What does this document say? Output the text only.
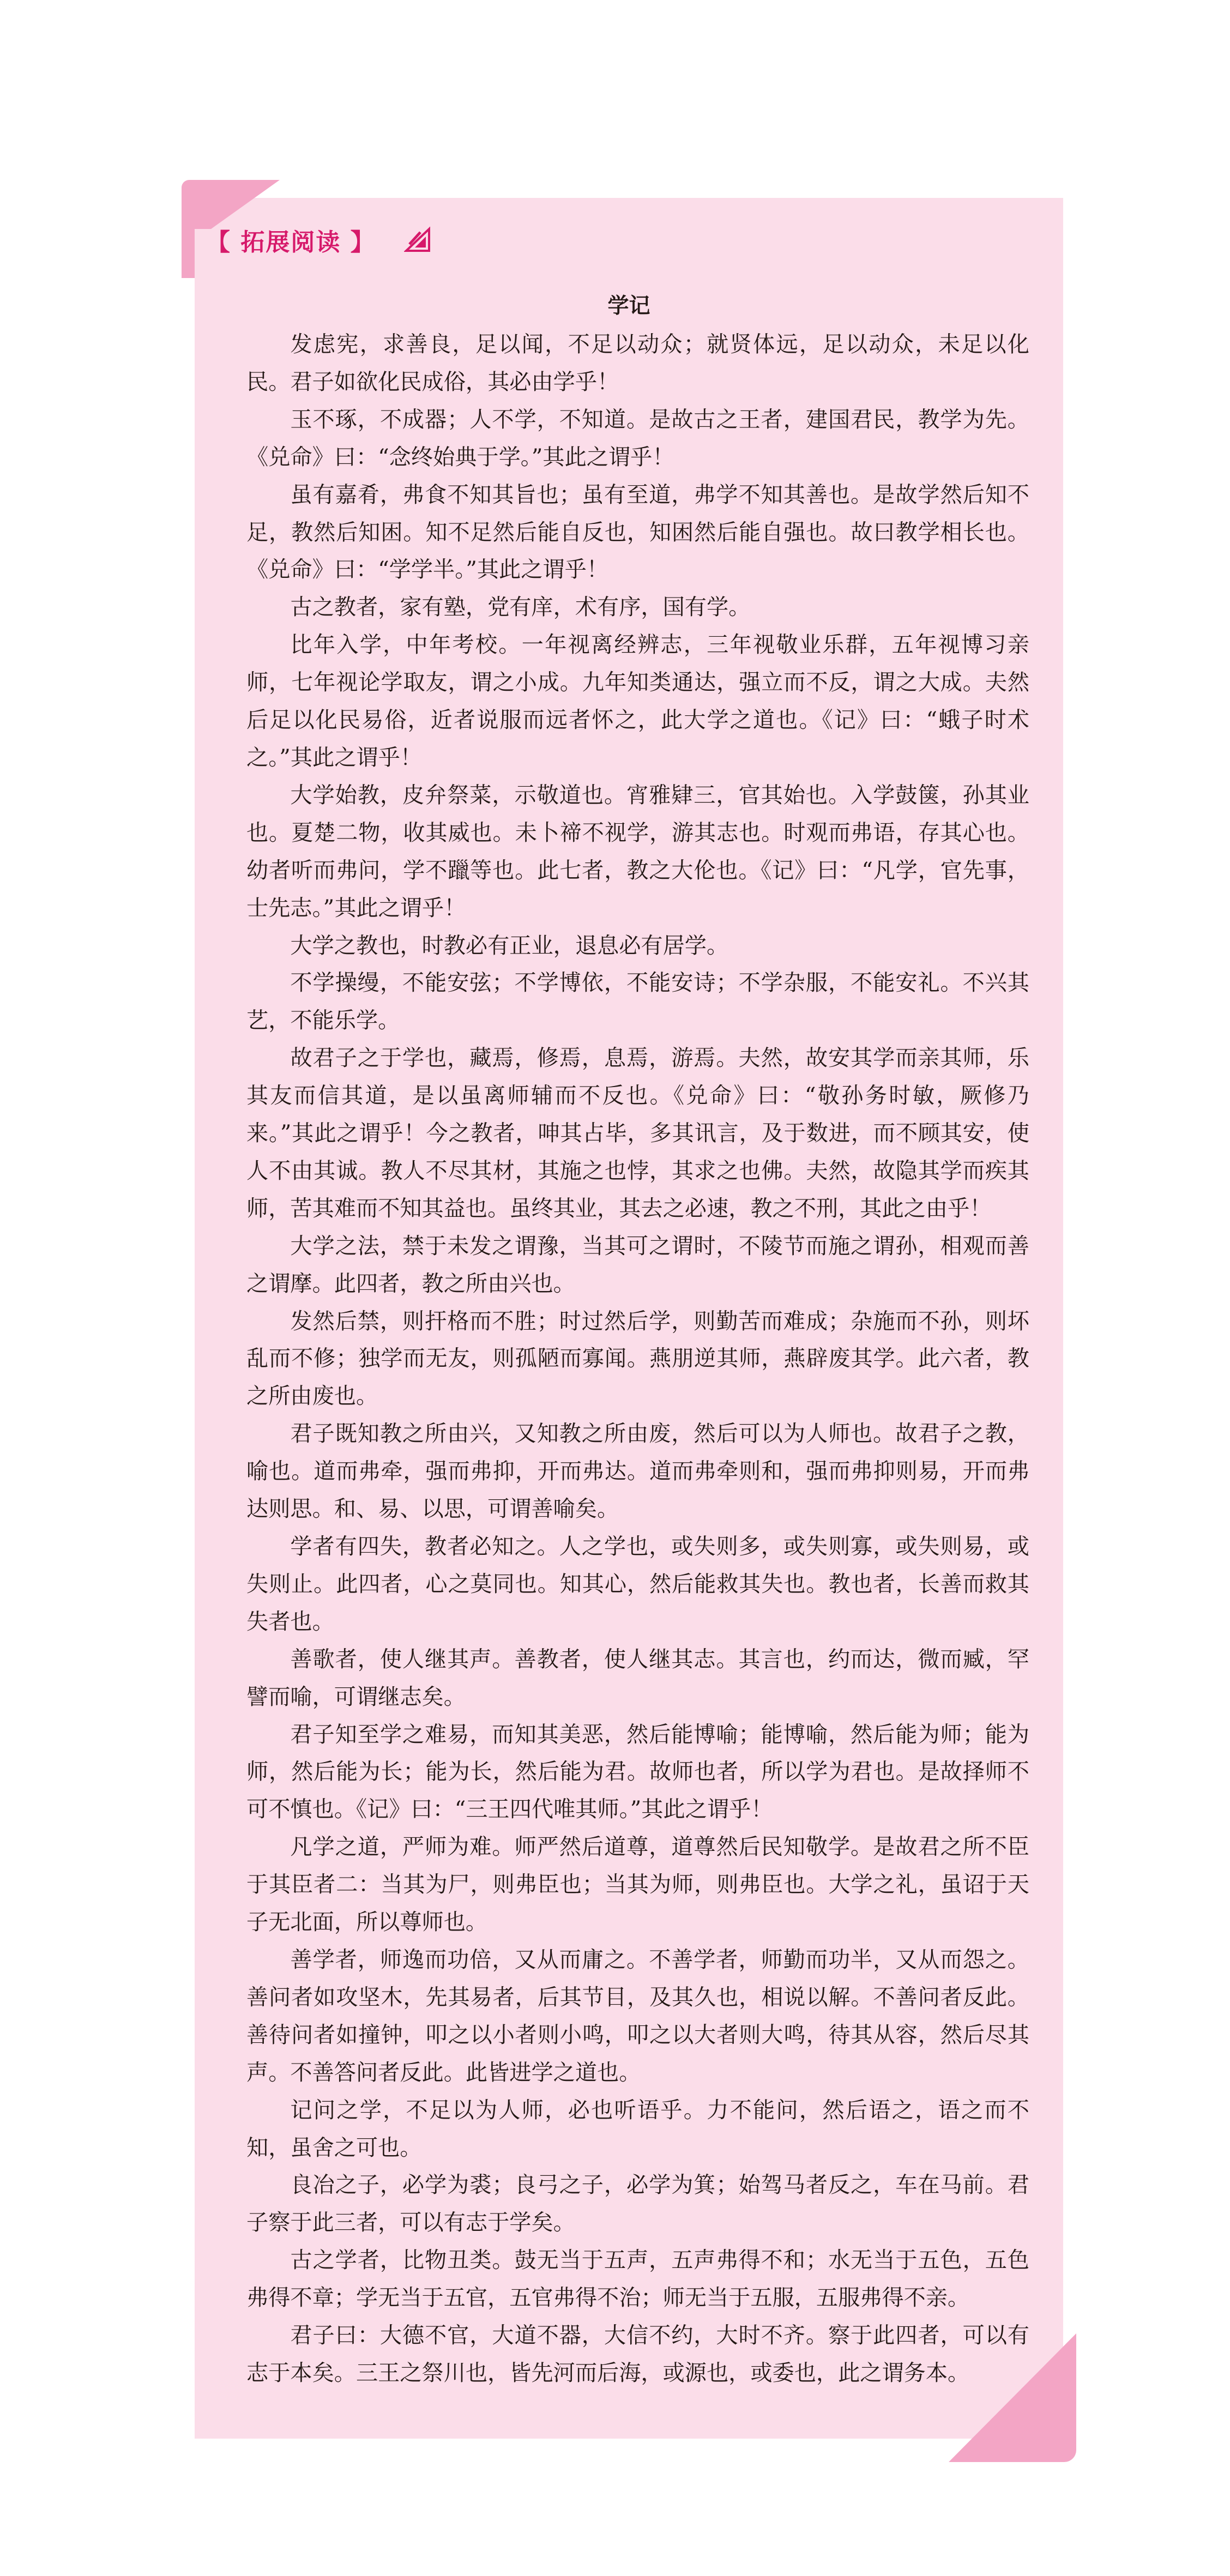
【 拓展阅读 】
学记

发虑宪，求善良，足以闻，不足以动众；就贤体远，足以动众，未足以化民。君子如欲化民成俗，其必由学乎！

玉不琢，不成器；人不学，不知道。是故古之王者，建国君民，教学为先。《兑命》曰：“念终始典于学。”其此之谓乎！

虽有嘉肴，弗食不知其旨也；虽有至道，弗学不知其善也。是故学然后知不足，教然后知困。知不足然后能自反也，知困然后能自强也。故曰教学相长也。《兑命》曰：“学学半。”其此之谓乎！

古之教者，家有塾，党有庠，术有序，国有学。

比年入学，中年考校。一年视离经辨志，三年视敬业乐群，五年视博习亲师，七年视论学取友，谓之小成。九年知类通达，强立而不反，谓之大成。夫然后足以化民易俗，近者说服而远者怀之，此大学之道也。《记》曰：“蛾子时术之。”其此之谓乎！

大学始教，皮弁祭菜，示敬道也。宵雅肄三，官其始也。入学鼓箧，孙其业也。夏楚二物，收其威也。未卜禘不视学，游其志也。时观而弗语，存其心也。幼者听而弗问，学不躐等也。此七者，教之大伦也。《记》曰：“凡学，官先事，士先志。”其此之谓乎！

大学之教也，时教必有正业，退息必有居学。

不学操缦，不能安弦；不学博依，不能安诗；不学杂服，不能安礼。不兴其艺，不能乐学。

故君子之于学也，藏焉，修焉，息焉，游焉。夫然，故安其学而亲其师，乐其友而信其道，是以虽离师辅而不反也。《兑命》曰：“敬孙务时敏，厥修乃来。”其此之谓乎！今之教者，呻其占毕，多其讯言，及于数进，而不顾其安，使人不由其诚。教人不尽其材，其施之也悖，其求之也佛。夫然，故隐其学而疾其师，苦其难而不知其益也。虽终其业，其去之必速，教之不刑，其此之由乎！

大学之法，禁于未发之谓豫，当其可之谓时，不陵节而施之谓孙，相观而善之谓摩。此四者，教之所由兴也。

发然后禁，则扞格而不胜；时过然后学，则勤苦而难成；杂施而不孙，则坏乱而不修；独学而无友，则孤陋而寡闻。燕朋逆其师，燕辟废其学。此六者，教之所由废也。

君子既知教之所由兴，又知教之所由废，然后可以为人师也。故君子之教，喻也。道而弗牵，强而弗抑，开而弗达。道而弗牵则和，强而弗抑则易，开而弗达则思。和、易、以思，可谓善喻矣。

学者有四失，教者必知之。人之学也，或失则多，或失则寡，或失则易，或失则止。此四者，心之莫同也。知其心，然后能救其失也。教也者，长善而救其失者也。

善歌者，使人继其声。善教者，使人继其志。其言也，约而达，微而臧，罕譬而喻，可谓继志矣。

君子知至学之难易，而知其美恶，然后能博喻；能博喻，然后能为师；能为师，然后能为长；能为长，然后能为君。故师也者，所以学为君也。是故择师不可不慎也。《记》曰：“三王四代唯其师。”其此之谓乎！

凡学之道，严师为难。师严然后道尊，道尊然后民知敬学。是故君之所不臣于其臣者二：当其为尸，则弗臣也；当其为师，则弗臣也。大学之礼，虽诏于天子无北面，所以尊师也。

善学者，师逸而功倍，又从而庸之。不善学者，师勤而功半，又从而怨之。善问者如攻坚木，先其易者，后其节目，及其久也，相说以解。不善问者反此。善待问者如撞钟，叩之以小者则小鸣，叩之以大者则大鸣，待其从容，然后尽其声。不善答问者反此。此皆进学之道也。

记问之学，不足以为人师，必也听语乎。力不能问，然后语之，语之而不知，虽舍之可也。

良冶之子，必学为裘；良弓之子，必学为箕；始驾马者反之，车在马前。君子察于此三者，可以有志于学矣。

古之学者，比物丑类。鼓无当于五声，五声弗得不和；水无当于五色，五色弗得不章；学无当于五官，五官弗得不治；师无当于五服，五服弗得不亲。

君子曰：大德不官，大道不器，大信不约，大时不齐。察于此四者，可以有志于本矣。三王之祭川也，皆先河而后海，或源也，或委也，此之谓务本。
